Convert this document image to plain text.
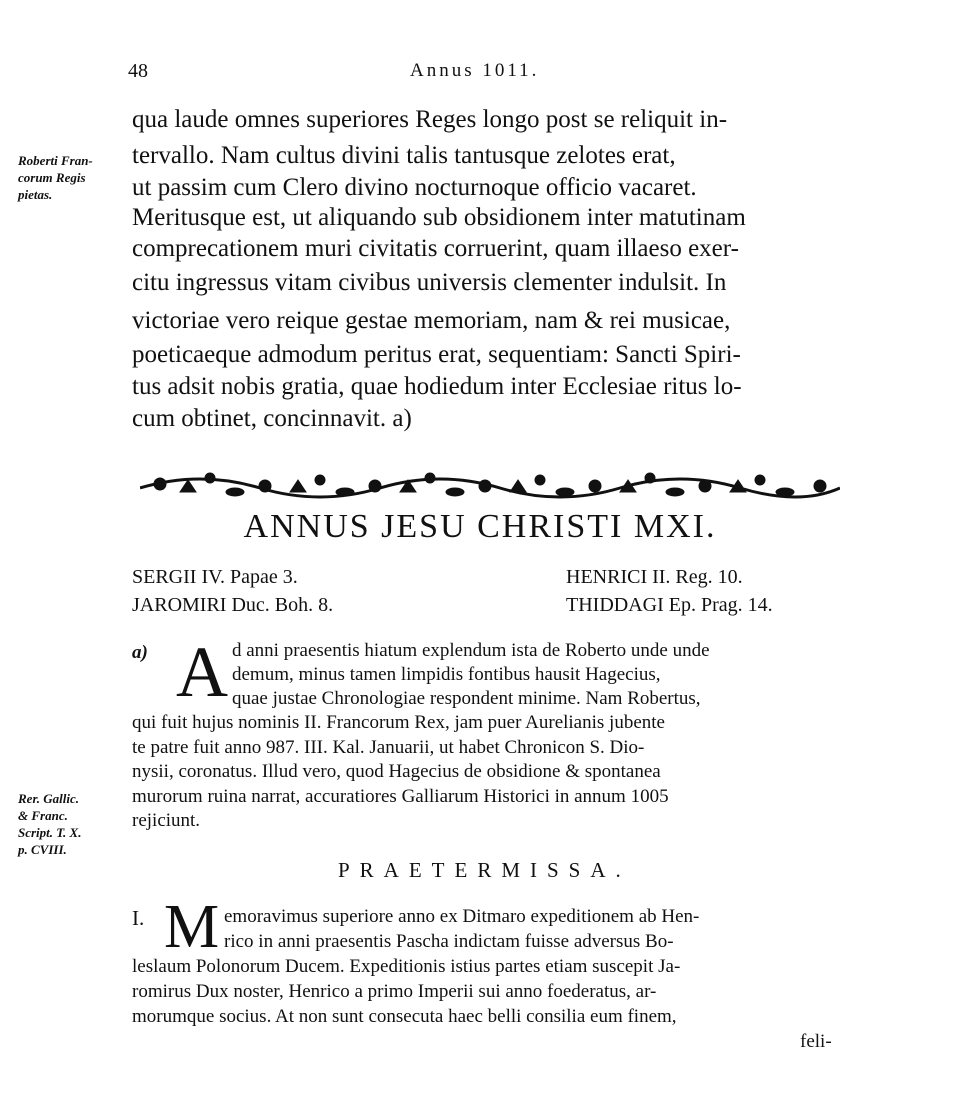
48	Annus 1011.
Roberti Fran-
corum Regis
pietas.
qua laude omnes superiores Reges longo post se reliquit in-
tervallo. Nam cultus divini talis tantusque zelotes erat,
ut passim cum Clero divino nocturnoque officio vacaret.
Meritusque est, ut aliquando sub obsidionem inter matutinam
comprecationem muri civitatis corruerint, quam illaeso exer-
citu ingressus vitam civibus universis clementer indulsit. In
victoriae vero reique gestae memoriam, nam & rei musicae,
poeticaeque admodum peritus erat, sequentiam: Sancti Spiri-
tus adsit nobis gratia, quae hodiedum inter Ecclesiae ritus lo-
cum obtinet, concinnavit. a)
ANNUS JESU CHRISTI MXI.
SERGII IV. Papae 3.
JAROMIRI Duc. Boh. 8.
HENRICI II. Reg. 10.
THIDDAGI Ep. Prag. 14.
a) A d anni praesentis hiatum explendum ista de Roberto unde unde
demum, minus tamen limpidis fontibus hausit Hagecius,
quae justae Chronologiae respondent minime. Nam Robertus,
qui fuit hujus nominis II. Francorum Rex, jam puer Aurelianis jubente
te patre fuit anno 987. III. Kal. Januarii, ut habet Chronicon S. Dio-
nysii, coronatus. Illud vero, quod Hagecius de obsidione & spontanea
murorum ruina narrat, accuratiores Galliarum Historici in annum 1005
rejiciunt.
Rer. Gallic.
& Franc.
Script. T. X.
p. CVIII.
PRAETERMISSA.
I. M emoravimus superiore anno ex Ditmaro expeditionem ab Hen-
rico in anni praesentis Pascha indictam fuisse adversus Bo-
leslaum Polonorum Ducem. Expeditionis istius partes etiam suscepit Ja-
romirus Dux noster, Henrico a primo Imperii sui anno foederatus, ar-
morumque socius. At non sunt consecuta haec belli consilia eum finem,
feli-
